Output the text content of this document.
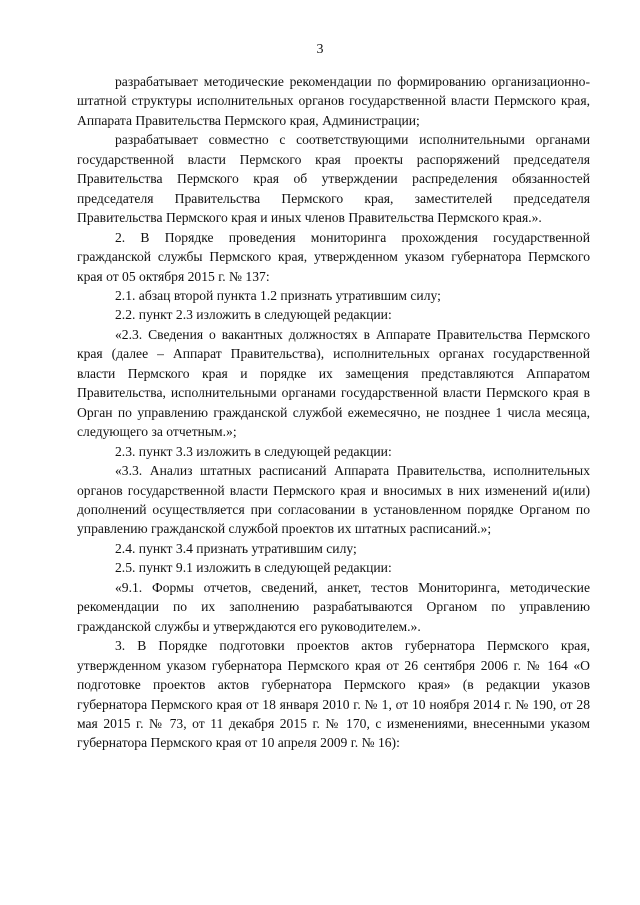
3

разрабатывает методические рекомендации по формированию организационно-штатной структуры исполнительных органов государственной власти Пермского края, Аппарата Правительства Пермского края, Администрации;

разрабатывает совместно с соответствующими исполнительными органами государственной власти Пермского края проекты распоряжений председателя Правительства Пермского края об утверждении распределения обязанностей председателя Правительства Пермского края, заместителей председателя Правительства Пермского края и иных членов Правительства Пермского края.».

2. В Порядке проведения мониторинга прохождения государственной гражданской службы Пермского края, утвержденном указом губернатора Пермского края от 05 октября 2015 г. № 137:

2.1. абзац второй пункта 1.2 признать утратившим силу;

2.2. пункт 2.3 изложить в следующей редакции:

«2.3. Сведения о вакантных должностях в Аппарате Правительства Пермского края (далее – Аппарат Правительства), исполнительных органах государственной власти Пермского края и порядке их замещения представляются Аппаратом Правительства, исполнительными органами государственной власти Пермского края в Орган по управлению гражданской службой ежемесячно, не позднее 1 числа месяца, следующего за отчетным.»;

2.3. пункт 3.3 изложить в следующей редакции:

«3.3. Анализ штатных расписаний Аппарата Правительства, исполнительных органов государственной власти Пермского края и вносимых в них изменений и(или) дополнений осуществляется при согласовании в установленном порядке Органом по управлению гражданской службой проектов их штатных расписаний.»;

2.4. пункт 3.4 признать утратившим силу;

2.5. пункт 9.1 изложить в следующей редакции:

«9.1. Формы отчетов, сведений, анкет, тестов Мониторинга, методические рекомендации по их заполнению разрабатываются Органом по управлению гражданской службы и утверждаются его руководителем.».

3. В Порядке подготовки проектов актов губернатора Пермского края, утвержденном указом губернатора Пермского края от 26 сентября 2006 г. № 164 «О подготовке проектов актов губернатора Пермского края» (в редакции указов губернатора Пермского края от 18 января 2010 г. № 1, от 10 ноября 2014 г. № 190, от 28 мая 2015 г. № 73, от 11 декабря 2015 г. № 170, с изменениями, внесенными указом губернатора Пермского края от 10 апреля 2009 г. № 16):
